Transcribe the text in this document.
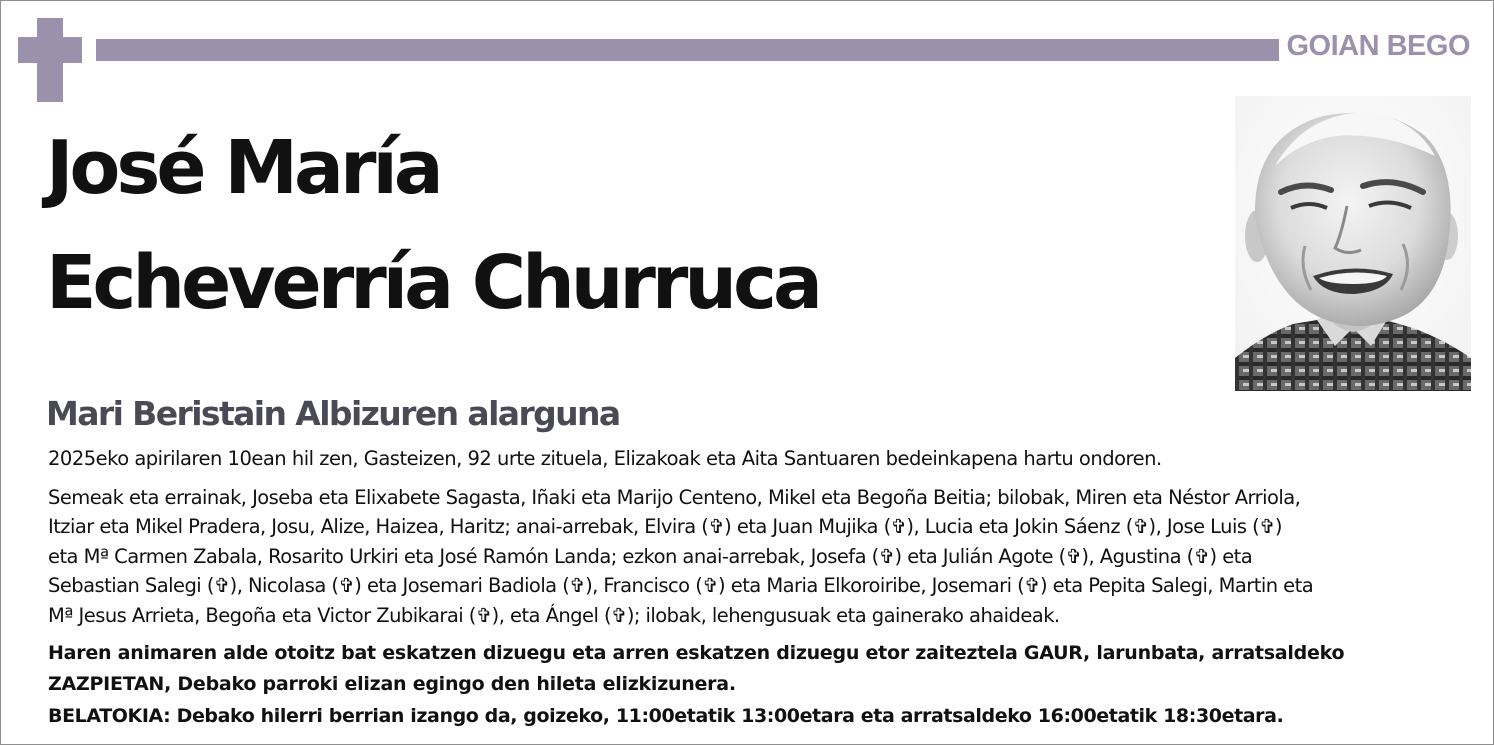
GOIAN BEGO
José María
Echeverría Churruca
Mari Beristain Albizuren alarguna
2025eko apirilaren 10ean hil zen, Gasteizen, 92 urte zituela, Elizakoak eta Aita Santuaren bedeinkapena hartu ondoren.
Semeak eta errainak, Joseba eta Elixabete Sagasta, Iñaki eta Marijo Centeno, Mikel eta Begoña Beitia; bilobak, Miren eta Néstor Arriola,
Itziar eta Mikel Pradera, Josu, Alize, Haizea, Haritz; anai-arrebak, Elvira (✞) eta Juan Mujika (✞), Lucia eta Jokin Sáenz (✞), Jose Luis (✞)
eta Mª Carmen Zabala, Rosarito Urkiri eta José Ramón Landa; ezkon anai-arrebak, Josefa (✞) eta Julián Agote (✞), Agustina (✞) eta
Sebastian Salegi (✞), Nicolasa (✞) eta Josemari Badiola (✞), Francisco (✞) eta Maria Elkoroiribe, Josemari (✞) eta Pepita Salegi, Martin eta
Mª Jesus Arrieta, Begoña eta Victor Zubikarai (✞), eta Ángel (✞); ilobak, lehengusuak eta gainerako ahaideak.
Haren animaren alde otoitz bat eskatzen dizuegu eta arren eskatzen dizuegu etor zaiteztela GAUR, larunbata, arratsaldeko
ZAZPIETAN, Debako parroki elizan egingo den hileta elizkizunera.
BELATOKIA: Debako hilerri berrian izango da, goizeko, 11:00etatik 13:00etara eta arratsaldeko 16:00etatik 18:30etara.
